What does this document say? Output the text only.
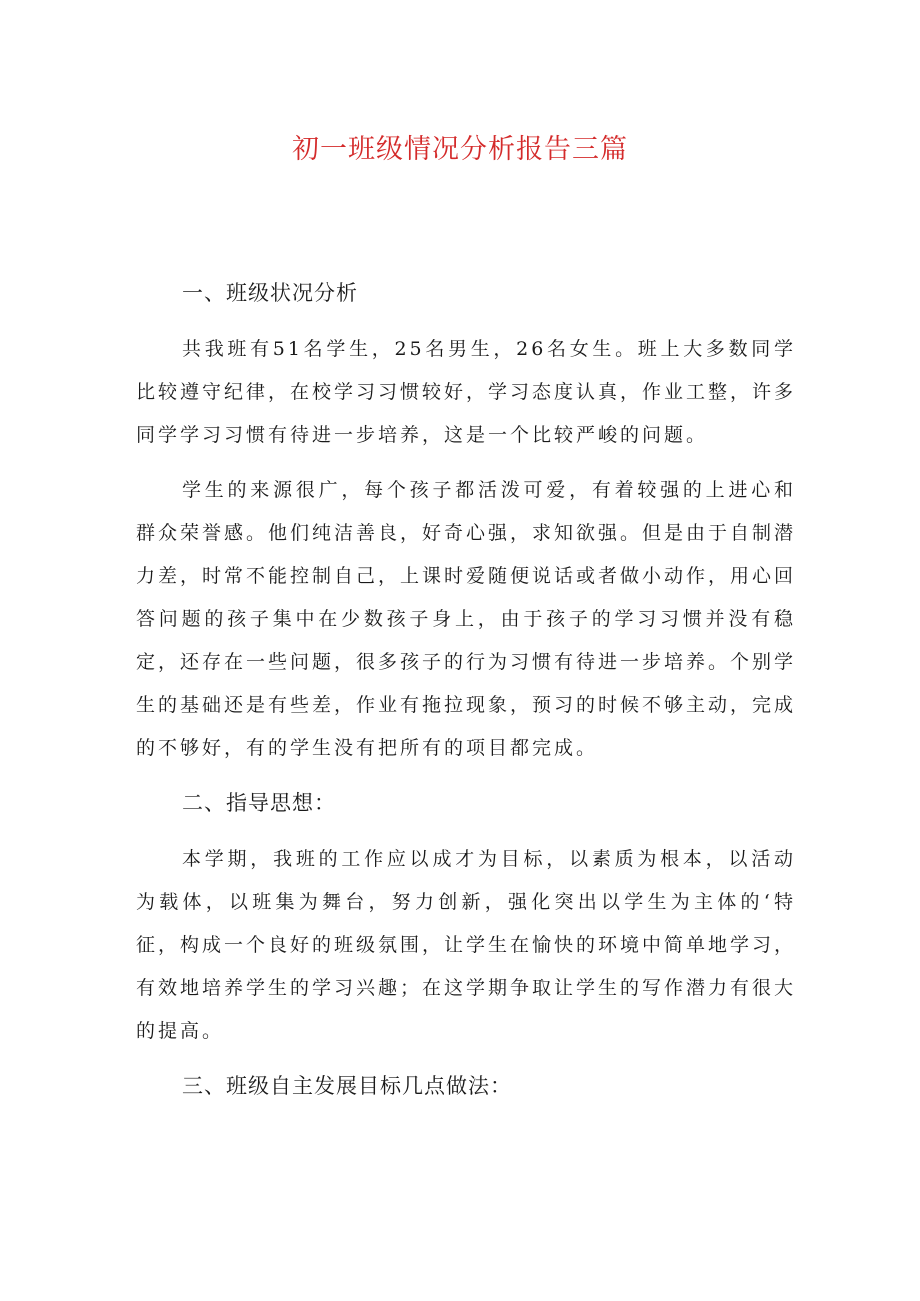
初一班级情况分析报告三篇

一、班级状况分析

共我班有51名学生，25名男生，26名女生。班上大多数同学比较遵守纪律，在校学习习惯较好，学习态度认真，作业工整，许多同学学习习惯有待进一步培养，这是一个比较严峻的问题。

学生的来源很广，每个孩子都活泼可爱，有着较强的上进心和群众荣誉感。他们纯洁善良，好奇心强，求知欲强。但是由于自制潜力差，时常不能控制自己，上课时爱随便说话或者做小动作，用心回答问题的孩子集中在少数孩子身上，由于孩子的学习习惯并没有稳定，还存在一些问题，很多孩子的行为习惯有待进一步培养。个别学生的基础还是有些差，作业有拖拉现象，预习的时候不够主动，完成的不够好，有的学生没有把所有的项目都完成。

二、指导思想：

本学期，我班的工作应以成才为目标，以素质为根本，以活动为载体，以班集为舞台，努力创新，强化突出以学生为主体的‘特征，构成一个良好的班级氛围，让学生在愉快的环境中简单地学习，有效地培养学生的学习兴趣；在这学期争取让学生的写作潜力有很大的提高。

三、班级自主发展目标几点做法：
